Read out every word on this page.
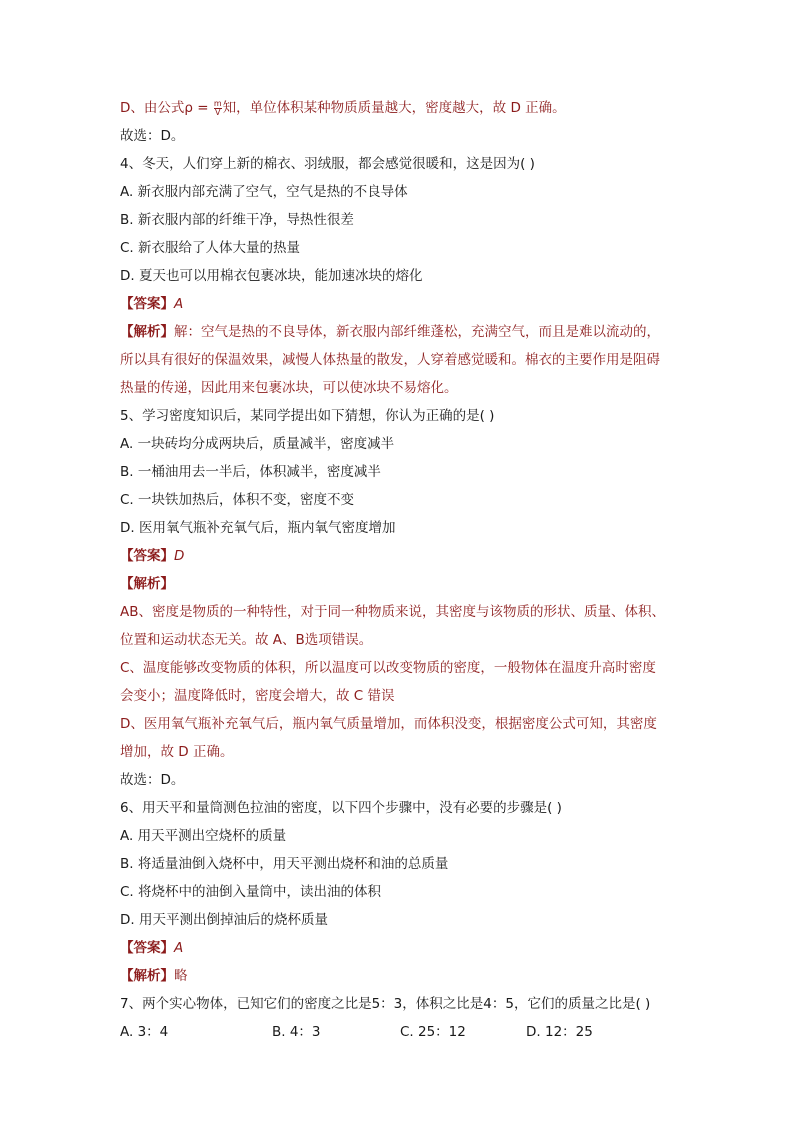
D、由公式$\rho = \frac{m}{V}$ 知，单位体积某种物质质量越大，密度越大，故 D 正确。
故选：D。
4、冬天，人们穿上新的棉衣、羽绒服，都会感觉很暖和，这是因为( )
A. 新衣服内部充满了空气，空气是热的不良导体
B. 新衣服内部的纤维干净，导热性很差
C. 新衣服给了人体大量的热量
D. 夏天也可以用棉衣包裹冰块，能加速冰块的熔化
【答案】A
【解析】解：空气是热的不良导体，新衣服内部纤维蓬松，充满空气，而且是难以流动的，
所以具有很好的保温效果，减慢人体热量的散发，人穿着感觉暖和。棉衣的主要作用是阻碍
热量的传递，因此用来包裹冰块，可以使冰块不易熔化。
5、学习密度知识后，某同学提出如下猜想，你认为正确的是( )
A. 一块砖均分成两块后，质量减半，密度减半
B. 一桶油用去一半后，体积减半，密度减半
C. 一块铁加热后，体积不变，密度不变
D. 医用氧气瓶补充氧气后，瓶内氧气密度增加
【答案】D
【解析】
AB、密度是物质的一种特性，对于同一种物质来说，其密度与该物质的形状、质量、体积、
位置和运动状态无关。故 A、B选项错误。
C、温度能够改变物质的体积，所以温度可以改变物质的密度，一般物体在温度升高时密度
会变小；温度降低时，密度会增大，故 C 错误
D、医用氧气瓶补充氧气后，瓶内氧气质量增加，而体积没变，根据密度公式可知，其密度
增加，故 D 正确。
故选：D。
6、用天平和量筒测色拉油的密度，以下四个步骤中，没有必要的步骤是( )
A. 用天平测出空烧杯的质量
B. 将适量油倒入烧杯中，用天平测出烧杯和油的总质量
C. 将烧杯中的油倒入量筒中，读出油的体积
D. 用天平测出倒掉油后的烧杯质量
【答案】A
【解析】略
7、两个实心物体，已知它们的密度之比是5：3，体积之比是4：5，它们的质量之比是( )
A. 3：4	B. 4：3	C. 25：12	D. 12：25
